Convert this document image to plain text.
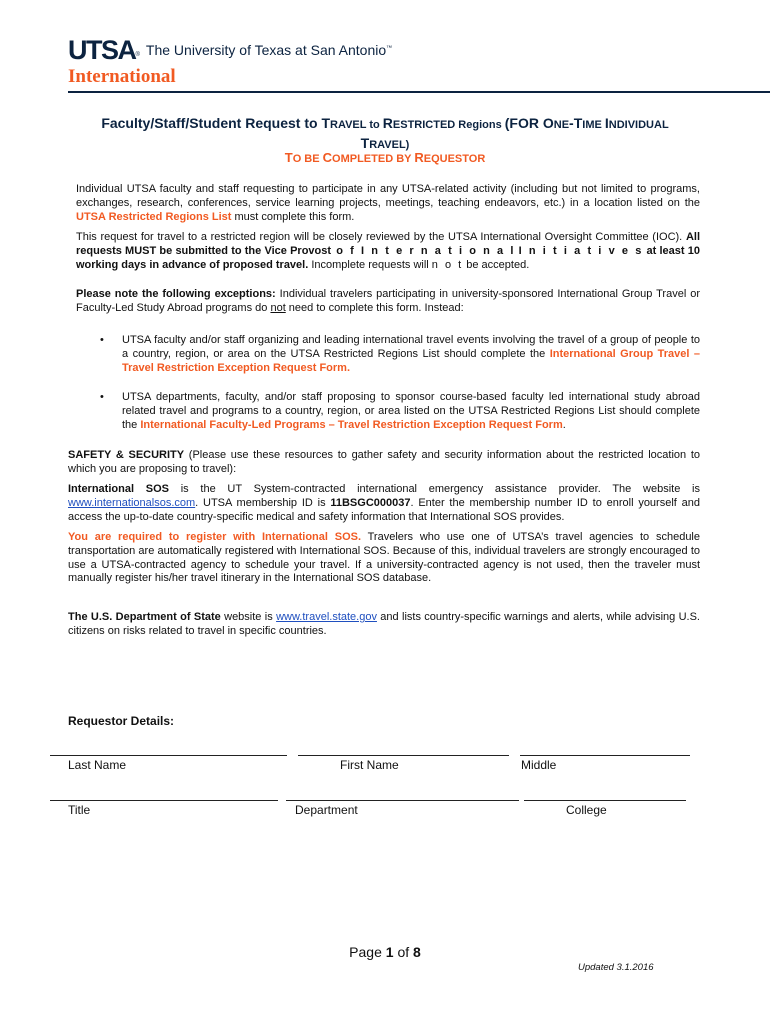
UTSA ® The University of Texas at San Antonio™
International
Faculty/Staff/Student Request to TRAVEL to RESTRICTED Regions (FOR ONE-TIME INDIVIDUAL
TRAVEL)
TO BE COMPLETED BY REQUESTOR
Individual UTSA faculty and staff requesting to participate in any UTSA-related activity (including but not limited to programs, exchanges, research, conferences, service learning projects, meetings, teaching endeavors, etc.) in a location listed on the UTSA Restricted Regions List must complete this form.
This request for travel to a restricted region will be closely reviewed by the UTSA International Oversight Committee (IOC). All requests MUST be submitted to the Vice Provost o f I n t e r n a t i o n a l I n i t i a t i v e s at least 10 working days in advance of proposed travel. Incomplete requests will n o t be accepted.
Please note the following exceptions: Individual travelers participating in university-sponsored International Group Travel or Faculty-Led Study Abroad programs do not need to complete this form. Instead:
• UTSA faculty and/or staff organizing and leading international travel events involving the travel of a group of people to a country, region, or area on the UTSA Restricted Regions List should complete the International Group Travel – Travel Restriction Exception Request Form.
• UTSA departments, faculty, and/or staff proposing to sponsor course-based faculty led international study abroad related travel and programs to a country, region, or area listed on the UTSA Restricted Regions List should complete the International Faculty-Led Programs – Travel Restriction Exception Request Form.
SAFETY & SECURITY (Please use these resources to gather safety and security information about the restricted location to which you are proposing to travel):
International SOS is the UT System-contracted international emergency assistance provider. The website is www.internationalsos.com. UTSA membership ID is 11BSGC000037. Enter the membership number ID to enroll yourself and access the up-to-date country-specific medical and safety information that International SOS provides.
You are required to register with International SOS. Travelers who use one of UTSA’s travel agencies to schedule transportation are automatically registered with International SOS. Because of this, individual travelers are strongly encouraged to use a UTSA-contracted agency to schedule your travel. If a university-contracted agency is not used, then the traveler must manually register his/her travel itinerary in the International SOS database.
The U.S. Department of State website is www.travel.state.gov and lists country-specific warnings and alerts, while advising U.S. citizens on risks related to travel in specific countries.
Requestor Details:
Last Name	First Name	Middle
Title	Department	College
Page 1 of 8
Updated 3.1.2016
